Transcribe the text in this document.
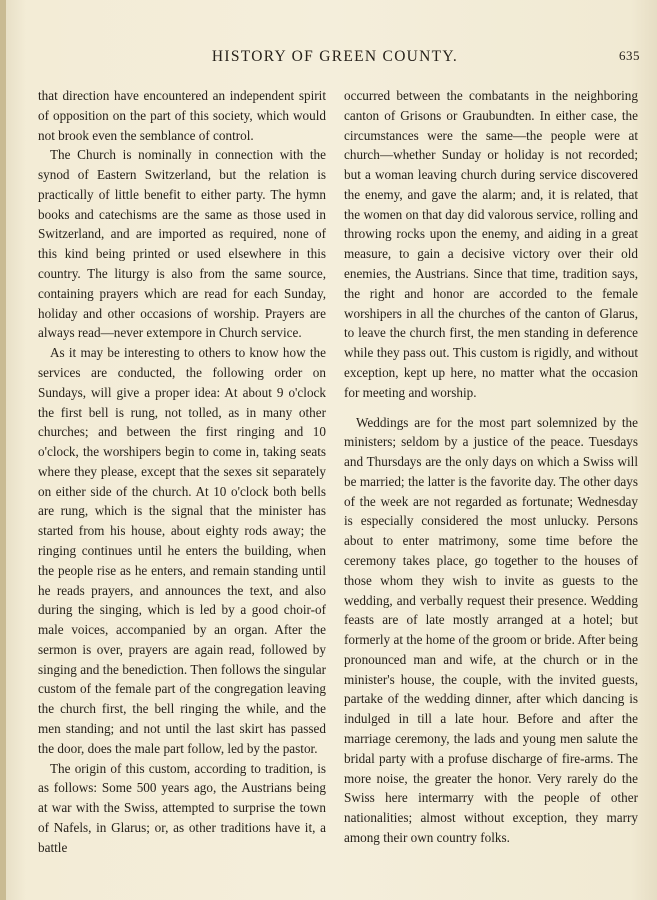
HISTORY OF GREEN COUNTY.	635

that direction have encountered an independent spirit of opposition on the part of this society, which would not brook even the semblance of control.

The Church is nominally in connection with the synod of Eastern Switzerland, but the relation is practically of little benefit to either party. The hymn books and catechisms are the same as those used in Switzerland, and are imported as required, none of this kind being printed or used elsewhere in this country. The liturgy is also from the same source, containing prayers which are read for each Sunday, holiday and other occasions of worship. Prayers are always read—never extempore in Church service.

As it may be interesting to others to know how the services are conducted, the following order on Sundays, will give a proper idea: At about 9 o'clock the first bell is rung, not tolled, as in many other churches; and between the first ringing and 10 o'clock, the worshipers begin to come in, taking seats where they please, except that the sexes sit separately on either side of the church. At 10 o'clock both bells are rung, which is the signal that the minister has started from his house, about eighty rods away; the ringing continues until he enters the building, when the people rise as he enters, and remain standing until he reads prayers, and announces the text, and also during the singing, which is led by a good choir-of male voices, accompanied by an organ. After the sermon is over, prayers are again read, followed by singing and the benediction. Then follows the singular custom of the female part of the congregation leaving the church first, the bell ringing the while, and the men standing; and not until the last skirt has passed the door, does the male part follow, led by the pastor.

The origin of this custom, according to tradition, is as follows: Some 500 years ago, the Austrians being at war with the Swiss, attempted to surprise the town of Nafels, in Glarus; or, as other traditions have it, a battle

occurred between the combatants in the neighboring canton of Grisons or Graubundten. In either case, the circumstances were the same—the people were at church—whether Sunday or holiday is not recorded; but a woman leaving church during service discovered the enemy, and gave the alarm; and, it is related, that the women on that day did valorous service, rolling and throwing rocks upon the enemy, and aiding in a great measure, to gain a decisive victory over their old enemies, the Austrians. Since that time, tradition says, the right and honor are accorded to the female worshipers in all the churches of the canton of Glarus, to leave the church first, the men standing in deference while they pass out. This custom is rigidly, and without exception, kept up here, no matter what the occasion for meeting and worship.

Weddings are for the most part solemnized by the ministers; seldom by a justice of the peace. Tuesdays and Thursdays are the only days on which a Swiss will be married; the latter is the favorite day. The other days of the week are not regarded as fortunate; Wednesday is especially considered the most unlucky. Persons about to enter matrimony, some time before the ceremony takes place, go together to the houses of those whom they wish to invite as guests to the wedding, and verbally request their presence. Wedding feasts are of late mostly arranged at a hotel; but formerly at the home of the groom or bride. After being pronounced man and wife, at the church or in the minister's house, the couple, with the invited guests, partake of the wedding dinner, after which dancing is indulged in till a late hour. Before and after the marriage ceremony, the lads and young men salute the bridal party with a profuse discharge of fire-arms. The more noise, the greater the honor. Very rarely do the Swiss here intermarry with the people of other nationalities; almost without exception, they marry among their own country folks.
